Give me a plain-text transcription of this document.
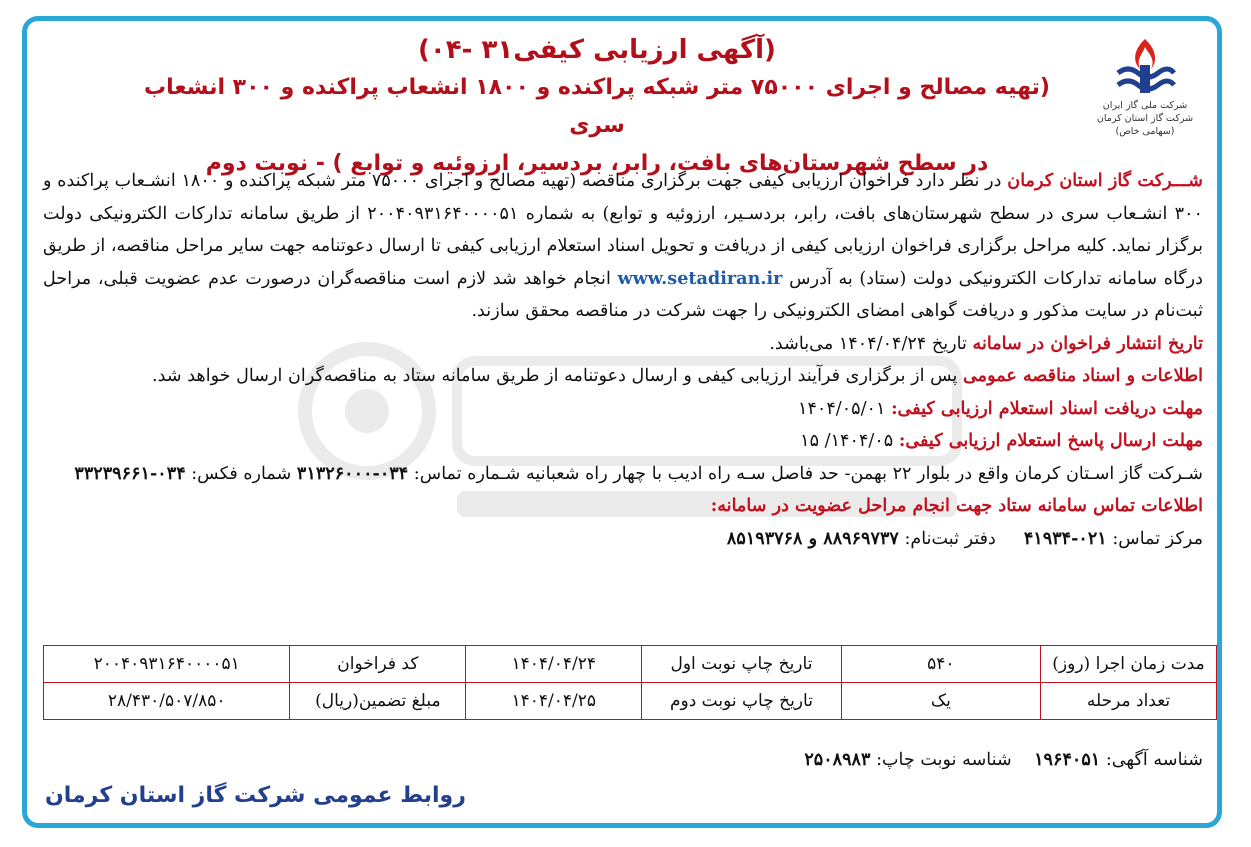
شرکت ملی گاز ایران
شرکت گاز استان کرمان
(سهامی خاص)
(آگهی ارزیابی کیفی۳۱ -۰۴)
(تهیه مصالح و اجرای ۷۵۰۰۰ متر شبکه پراکنده و ۱۸۰۰ انشعاب پراکنده و ۳۰۰ انشعاب سری
در سطح شهرستان‌های بافت، رابر، بردسیر، ارزوئیه و توابع ) - نوبت دوم
شـــرکت گاز استان کرمان در نظر دارد فراخوان ارزیابی کیفی جهت برگزاری مناقصه (تهیه مصالح و اجرای ۷۵۰۰۰ متر شبکه پراکنده و ۱۸۰۰ انشـعاب پراکنده و ۳۰۰ انشـعاب سری در سطح شهرستان‌های بافت، رابر، بردسـیر، ارزوئیه و توابع) به شماره ۲۰۰۴۰۹۳۱۶۴۰۰۰۰۵۱ از طریق سامانه تدارکات الکترونیکی دولت برگزار نماید. کلیه مراحل برگزاری فراخوان ارزیابی کیفی از دریافت و تحویل اسناد استعلام ارزیابی کیفی تا ارسال دعوتنامه جهت سایر مراحل مناقصه، از طریق درگاه سامانه تدارکات الکترونیکی دولت (ستاد) به آدرس www.setadiran.ir انجام خواهد شد لازم است مناقصه‌گران درصورت عدم عضویت قبلی، مراحل ثبت‌نام در سایت مذکور و دریافت گواهی امضای الکترونیکی را جهت شرکت در مناقصه محقق سازند.
تاریخ انتشار فراخوان در سامانه تاریخ ۱۴۰۴/۰۴/۲۴ می‌باشد.
اطلاعات و اسناد مناقصه عمومی پس از برگزاری فرآیند ارزیابی کیفی و ارسال دعوتنامه از طریق سامانه ستاد به مناقصه‌گران ارسال خواهد شد.
مهلت دریافت اسناد استعلام ارزیابی کیفی: ۱۴۰۴/۰۵/۰۱
مهلت ارسال پاسخ استعلام ارزیابی کیفی: ۱۴۰۴/۰۵/ ۱۵
شـرکت گاز اسـتان کرمان واقع در بلوار ۲۲ بهمن- حد فاصل سـه راه ادیب با چهار راه شعبانیه شـماره تماس: ۰۳۴-۳۱۳۲۶۰۰۰ شماره فکس: ۰۳۴-۳۳۲۳۹۶۶۱
اطلاعات تماس سامانه ستاد جهت انجام مراحل عضویت در سامانه:
مرکز تماس: ۰۲۱-۴۱۹۳۴     دفتر ثبت‌نام: ۸۸۹۶۹۷۳۷ و ۸۵۱۹۳۷۶۸
مدت زمان اجرا (روز)	۵۴۰	تاریخ چاپ نوبت اول	۱۴۰۴/۰۴/۲۴	کد فراخوان	۲۰۰۴۰۹۳۱۶۴۰۰۰۰۵۱
تعداد مرحله	یک	تاریخ چاپ نوبت دوم	۱۴۰۴/۰۴/۲۵	مبلغ تضمین(ریال)	۲۸/۴۳۰/۵۰۷/۸۵۰
شناسه آگهی: ۱۹۶۴۰۵۱    شناسه نوبت چاپ: ۲۵۰۸۹۸۳
روابط عمومی شرکت گاز استان کرمان
